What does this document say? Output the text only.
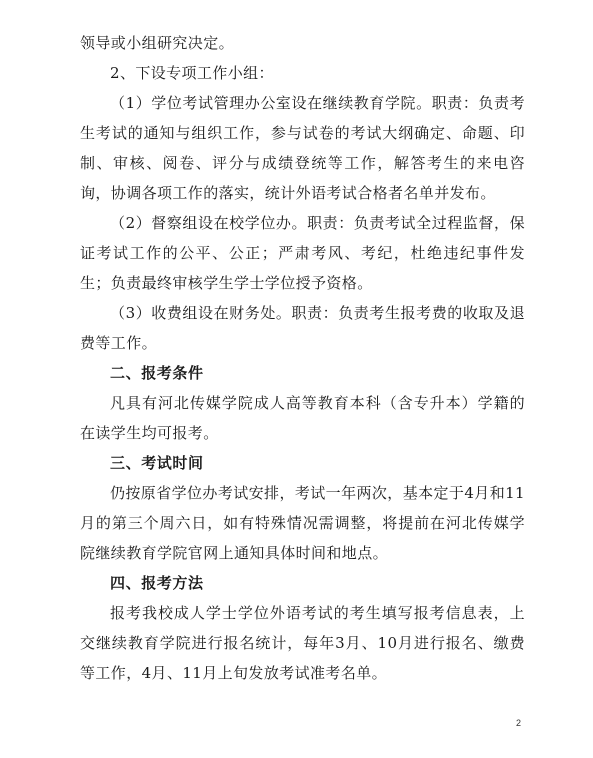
领导或小组研究决定。

2、下设专项工作小组：

（1）学位考试管理办公室设在继续教育学院。职责：负责考生考试的通知与组织工作，参与试卷的考试大纲确定、命题、印制、审核、阅卷、评分与成绩登统等工作，解答考生的来电咨询，协调各项工作的落实，统计外语考试合格者名单并发布。

（2）督察组设在校学位办。职责：负责考试全过程监督，保证考试工作的公平、公正；严肃考风、考纪，杜绝违纪事件发生；负责最终审核学生学士学位授予资格。

（3）收费组设在财务处。职责：负责考生报考费的收取及退费等工作。

二、报考条件

凡具有河北传媒学院成人高等教育本科（含专升本）学籍的在读学生均可报考。

三、考试时间

仍按原省学位办考试安排，考试一年两次，基本定于4月和11月的第三个周六日，如有特殊情况需调整，将提前在河北传媒学院继续教育学院官网上通知具体时间和地点。

四、报考方法

报考我校成人学士学位外语考试的考生填写报考信息表，上交继续教育学院进行报名统计，每年3月、10月进行报名、缴费等工作，4月、11月上旬发放考试准考名单。

2
